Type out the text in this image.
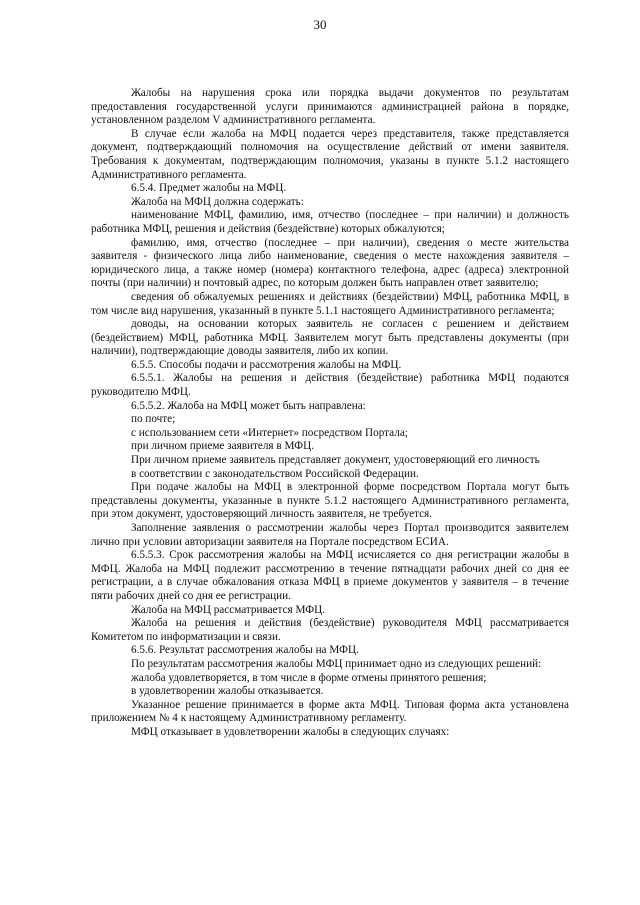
30

Жалобы на нарушения срока или порядка выдачи документов по результатам предоставления государственной услуги принимаются администрацией района в порядке, установленном разделом V административного регламента.

В случае если жалоба на МФЦ подается через представителя, также представляется документ, подтверждающий полномочия на осуществление действий от имени заявителя. Требования к документам, подтверждающим полномочия, указаны в пункте 5.1.2 настоящего Административного регламента.

6.5.4. Предмет жалобы на МФЦ.

Жалоба на МФЦ должна содержать:

наименование МФЦ, фамилию, имя, отчество (последнее – при наличии) и должность работника МФЦ, решения и действия (бездействие) которых обжалуются;

фамилию, имя, отчество (последнее – при наличии), сведения о месте жительства заявителя - физического лица либо наименование, сведения о месте нахождения заявителя – юридического лица, а также номер (номера) контактного телефона, адрес (адреса) электронной почты (при наличии) и почтовый адрес, по которым должен быть направлен ответ заявителю;

сведения об обжалуемых решениях и действиях (бездействии) МФЦ, работника МФЦ, в том числе вид нарушения, указанный в пункте 5.1.1 настоящего Административного регламента;

доводы, на основании которых заявитель не согласен с решением и действием (бездействием) МФЦ, работника МФЦ. Заявителем могут быть представлены документы (при наличии), подтверждающие доводы заявителя, либо их копии.

6.5.5. Способы подачи и рассмотрения жалобы на МФЦ.

6.5.5.1. Жалобы на решения и действия (бездействие) работника МФЦ подаются руководителю МФЦ.

6.5.5.2. Жалоба на МФЦ может быть направлена:

по почте;

с использованием сети «Интернет» посредством Портала;

при личном приеме заявителя в МФЦ.

При личном приеме заявитель представляет документ, удостоверяющий его личность

в соответствии с законодательством Российской Федерации.

При подаче жалобы на МФЦ в электронной форме посредством Портала могут быть представлены документы, указанные в пункте 5.1.2 настоящего Административного регламента, при этом документ, удостоверяющий личность заявителя, не требуется.

Заполнение заявления о рассмотрении жалобы через Портал производится заявителем лично при условии авторизации заявителя на Портале посредством ЕСИА.

6.5.5.3. Срок рассмотрения жалобы на МФЦ исчисляется со дня регистрации жалобы в МФЦ. Жалоба на МФЦ подлежит рассмотрению в течение пятнадцати рабочих дней со дня ее регистрации, а в случае обжалования отказа МФЦ в приеме документов у заявителя – в течение пяти рабочих дней со дня ее регистрации.

Жалоба на МФЦ рассматривается МФЦ.

Жалоба на решения и действия (бездействие) руководителя МФЦ рассматривается Комитетом по информатизации и связи.

6.5.6. Результат рассмотрения жалобы на МФЦ.

По результатам рассмотрения жалобы МФЦ принимает одно из следующих решений:

жалоба удовлетворяется, в том числе в форме отмены принятого решения;

в удовлетворении жалобы отказывается.

Указанное решение принимается в форме акта МФЦ. Типовая форма акта установлена приложением № 4 к настоящему Административному регламенту.

МФЦ отказывает в удовлетворении жалобы в следующих случаях:
